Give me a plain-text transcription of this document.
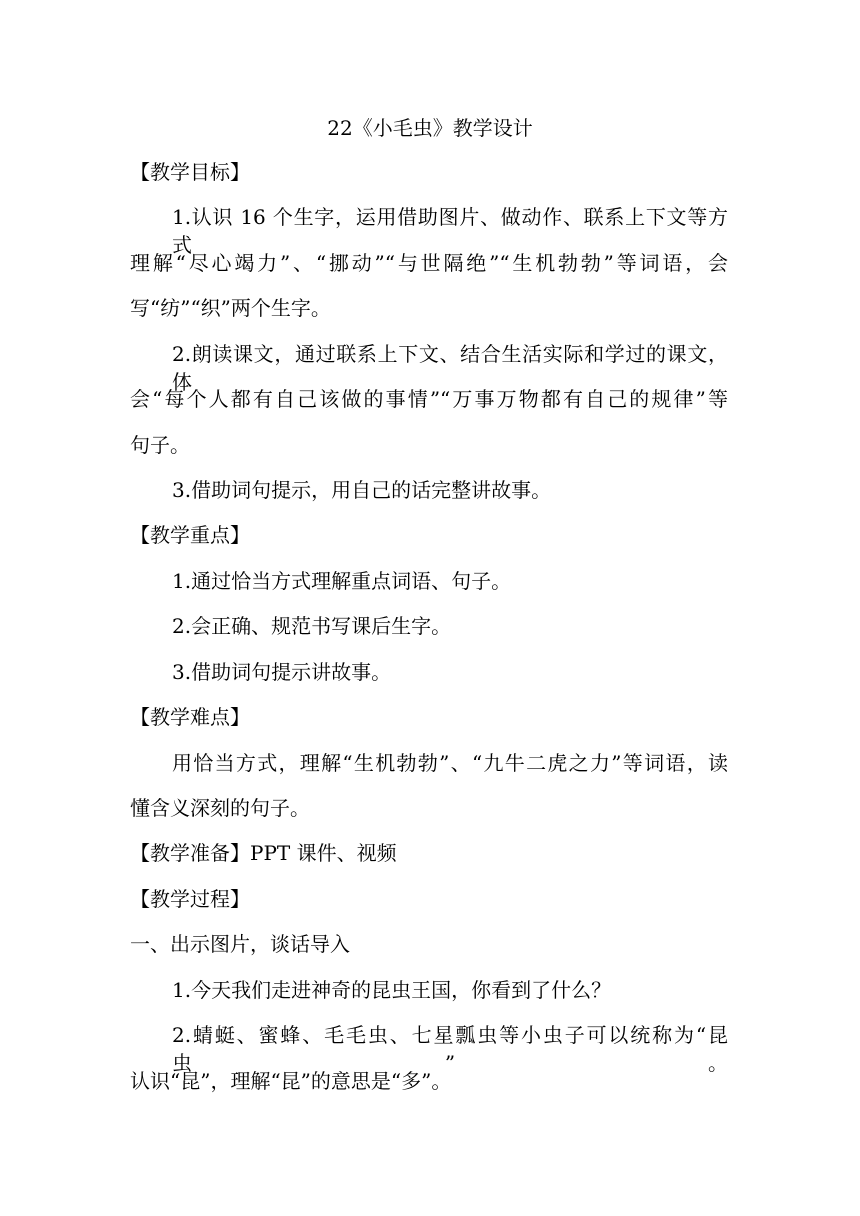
22《小毛虫》教学设计
【教学目标】
1.认识 16 个生字，运用借助图片、做动作、联系上下文等方式
理解“尽心竭力”、“挪动”“与世隔绝”“生机勃勃”等词语，会
写“纺”“织”两个生字。
2.朗读课文，通过联系上下文、结合生活实际和学过的课文，体
会“每个人都有自己该做的事情”“万事万物都有自己的规律”等
句子。
3.借助词句提示，用自己的话完整讲故事。
【教学重点】
1.通过恰当方式理解重点词语、句子。
2.会正确、规范书写课后生字。
3.借助词句提示讲故事。
【教学难点】
用恰当方式，理解“生机勃勃”、“九牛二虎之力”等词语，读
懂含义深刻的句子。
【教学准备】PPT 课件、视频
【教学过程】
一、出示图片，谈话导入
1.今天我们走进神奇的昆虫王国，你看到了什么？
2.蜻蜓、蜜蜂、毛毛虫、七星瓢虫等小虫子可以统称为“昆虫”。
认识“昆”，理解“昆”的意思是“多”。
